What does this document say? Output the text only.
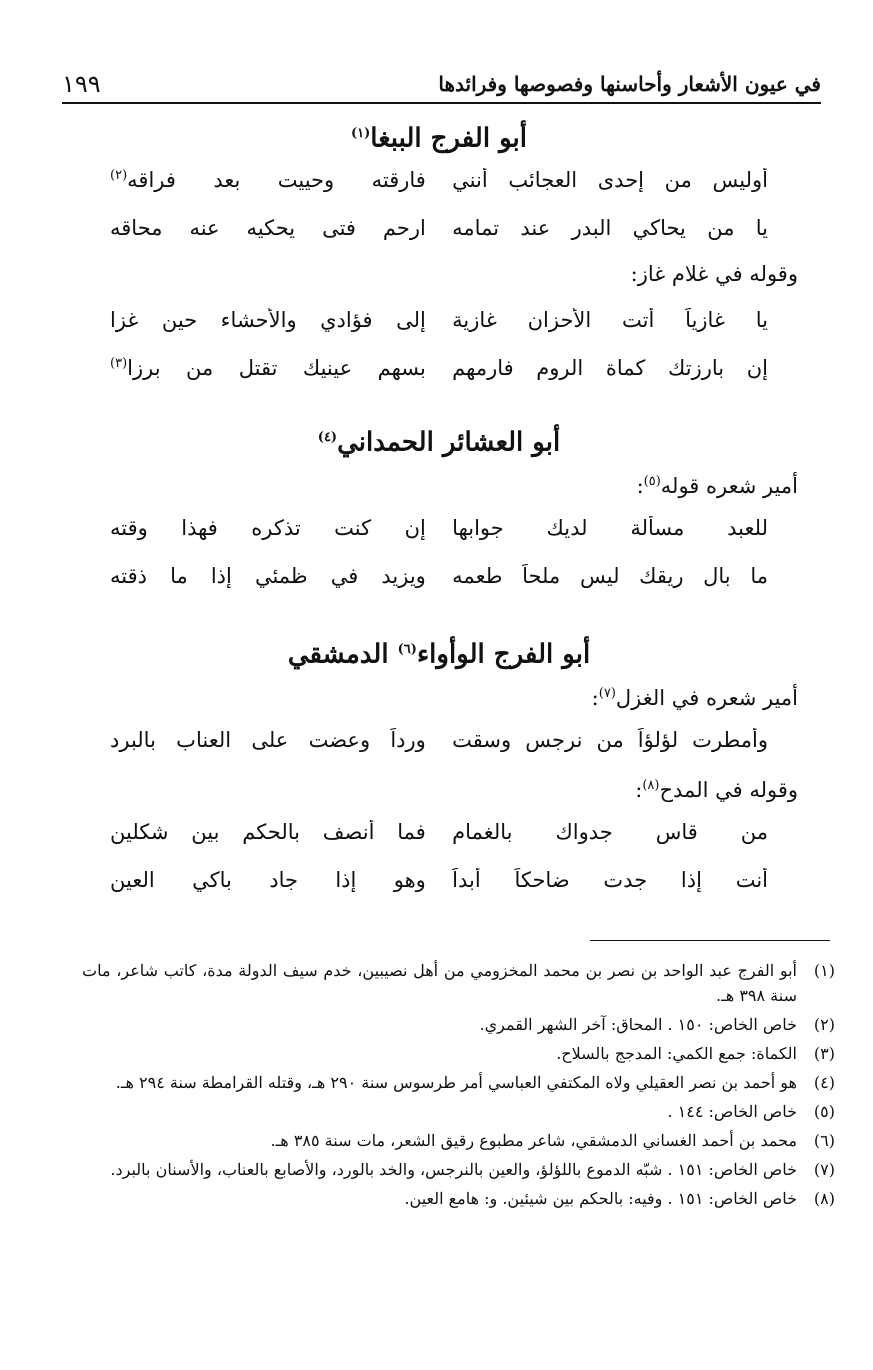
في عيون الأشعار وأحاسنها وفصوصها وفرائدها
١٩٩
أبو الفرج الببغا$^{(١)}$
أوليس من إحدى العجائب أنني
فارقته وحييت بعد فراقه$^{(٢)}$
يا من يحاكي البدر عند تمامه
ارحم فتى يحكيه عنه محاقه
وقوله في غلام غاز:
يا غازياً أتت الأحزان غازية
إلى فؤادي والأحشاء حين غزا
إن بارزتك كماة الروم فارمهم
بسهم عينيك تقتل من برزا$^{(٣)}$
أبو العشائر الحمداني$^{(٤)}$
أمير شعره قوله$^{(٥)}$:
للعبد مسألة لديك جوابها
إن كنت تذكره فهذا وقته
ما بال ريقك ليس ملحاً طعمه
ويزيد في ظمئي إذا ما ذقته
أبو الفرج الوأواء$^{(٦)}$ الدمشقي
أمير شعره في الغزل$^{(٧)}$:
وأمطرت لؤلؤاً من نرجس وسقت
ورداً وعضت على العناب بالبرد
وقوله في المدح$^{(٨)}$:
من قاس جدواك بالغمام
فما أنصف بالحكم بين شكلين
أنت إذا جدت ضاحكاً أبداً
وهو إذا جاد باكي العين
(١)
أبو الفرج عبد الواحد بن نصر بن محمد المخزومي من أهل نصيبين، خدم سيف الدولة مدة، كاتب شاعر، مات سنة ٣٩٨ هـ.
(٢)
خاص الخاص: ١٥٠ . المحاق: آخر الشهر القمري.
(٣)
الكماة: جمع الكمي: المدجج بالسلاح.
(٤)
هو أحمد بن نصر العقيلي ولاه المكتفي العباسي أمر طرسوس سنة ٢٩٠ هـ، وقتله القرامطة سنة ٢٩٤ هـ.
(٥)
خاص الخاص: ١٤٤ .
(٦)
محمد بن أحمد الغساني الدمشقي، شاعر مطبوع رقيق الشعر، مات سنة ٣٨٥ هـ.
(٧)
خاص الخاص: ١٥١ . شبّه الدموع باللؤلؤ، والعين بالنرجس، والخد بالورد، والأصابع بالعناب، والأسنان بالبرد.
(٨)
خاص الخاص: ١٥١ . وفيه: بالحكم بين شيئين. و: هامع العين.
